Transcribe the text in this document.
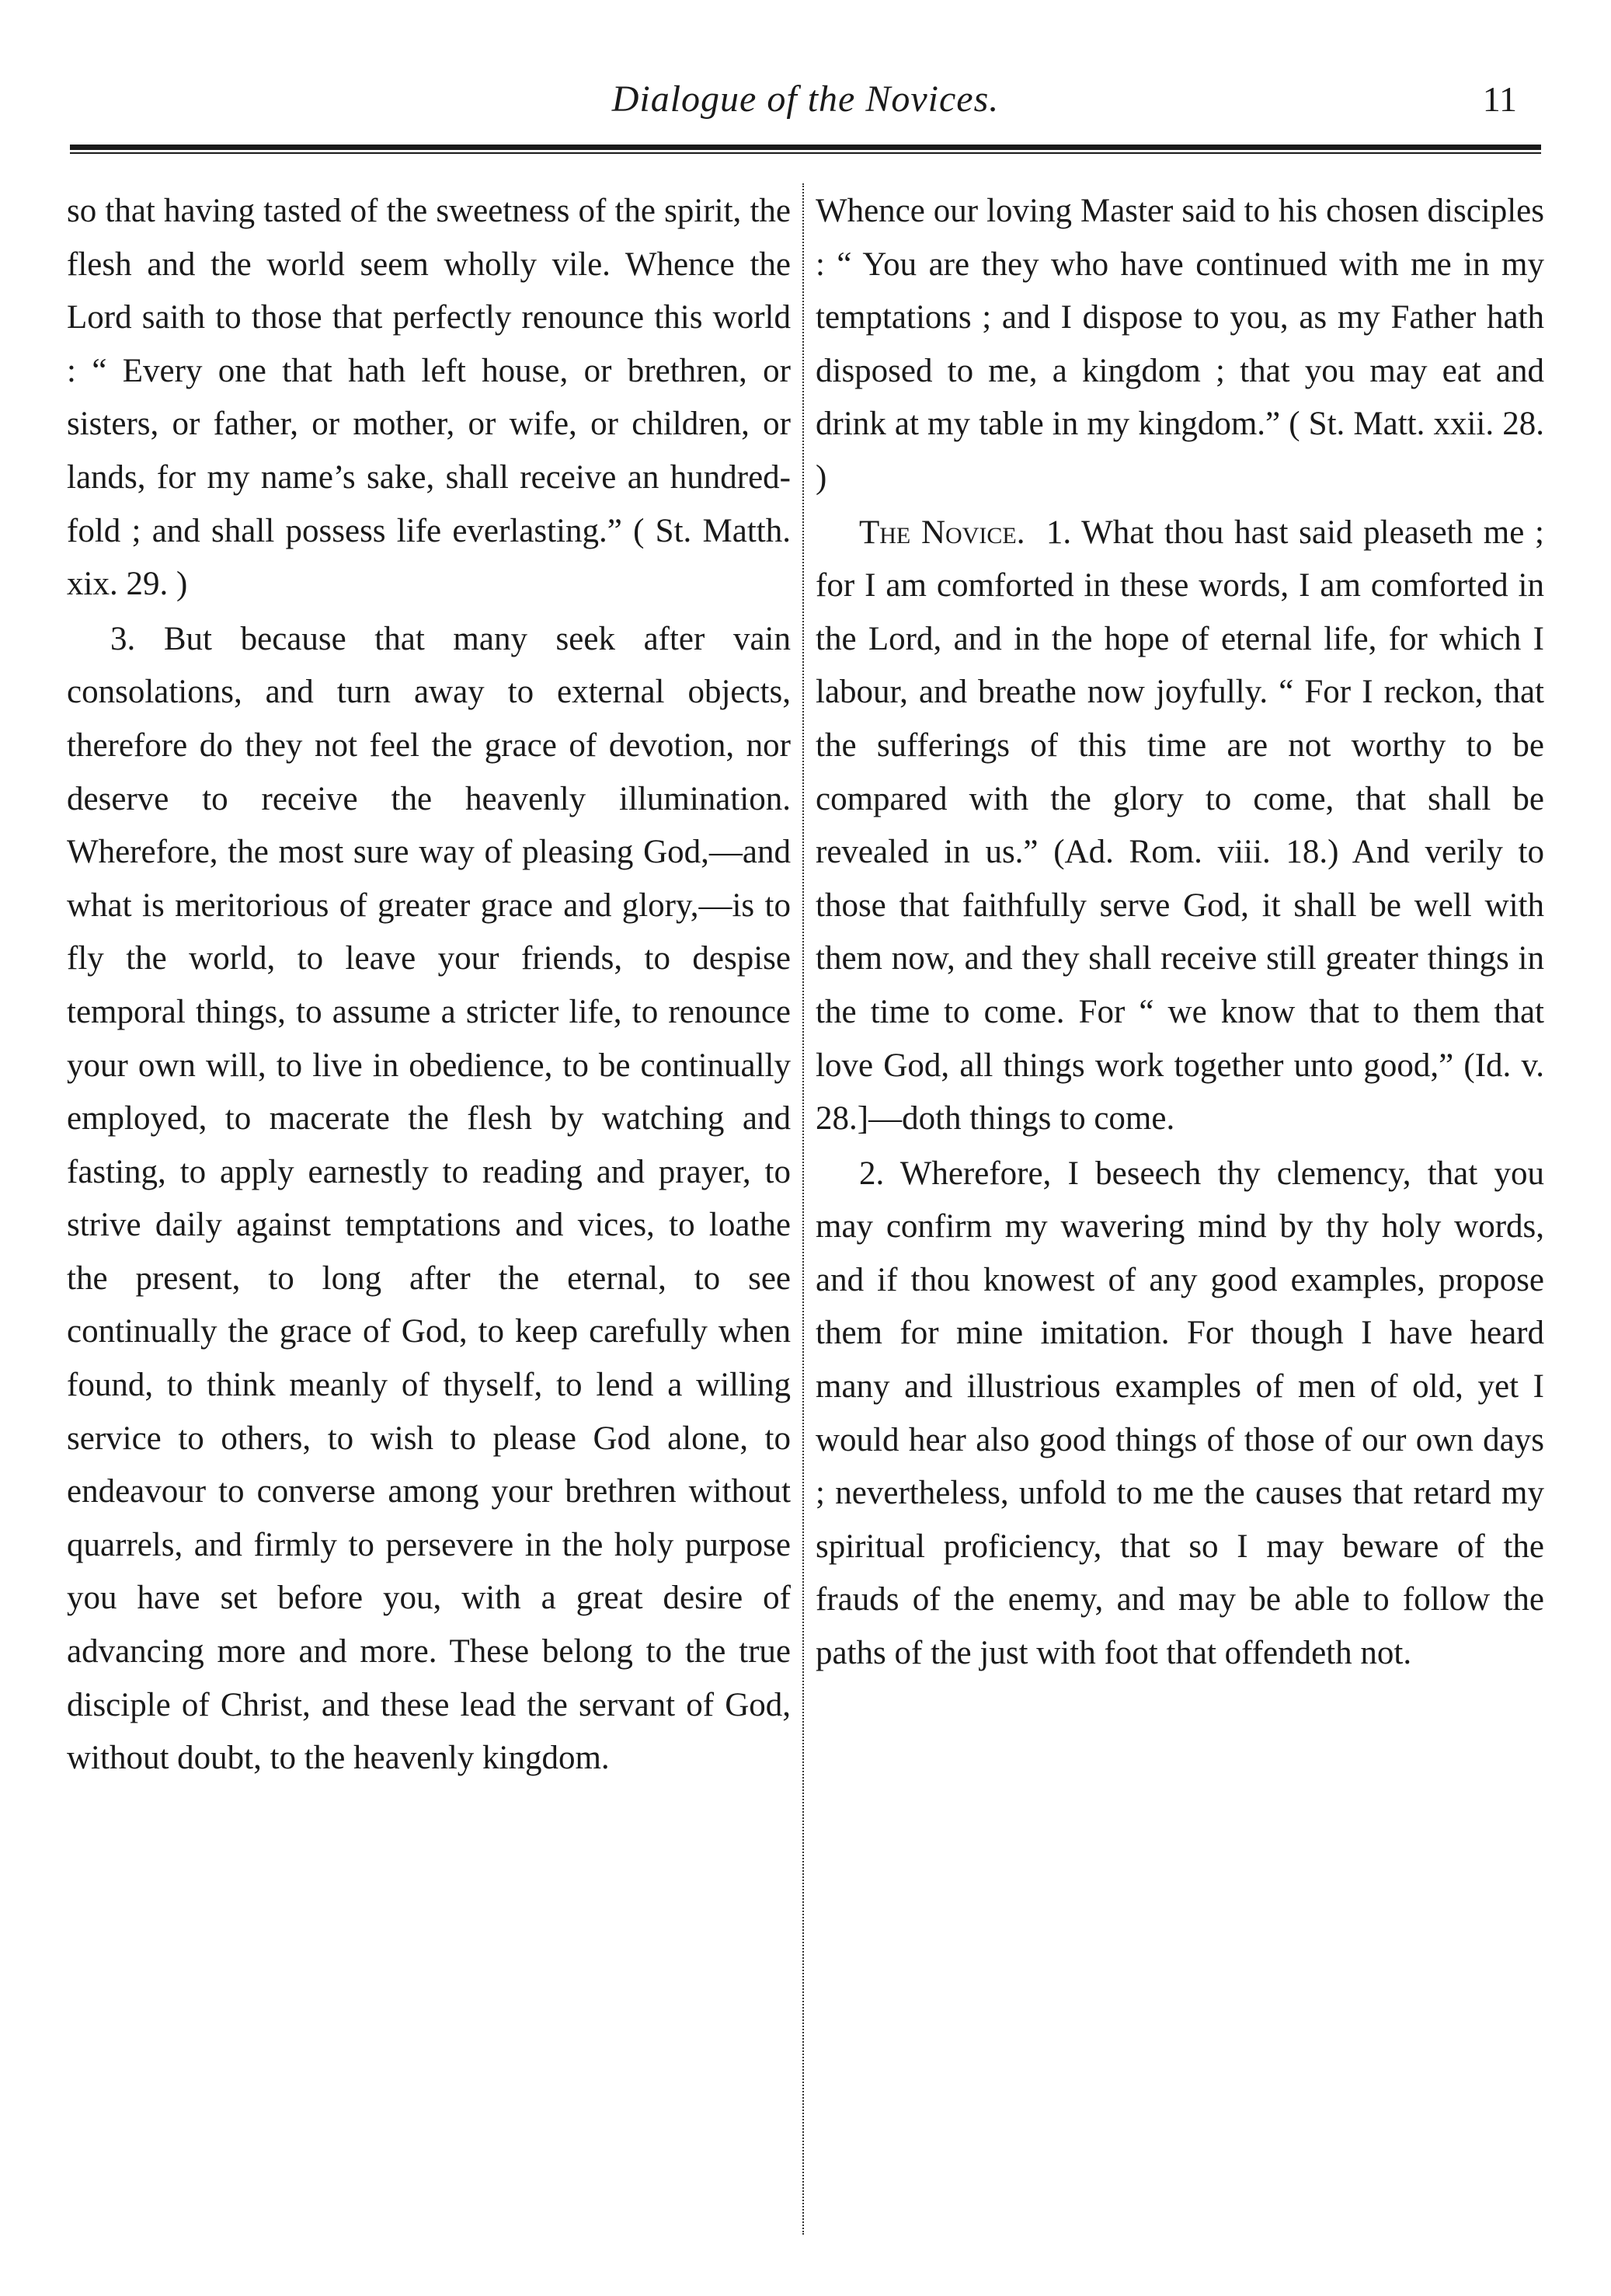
Dialogue of the Novices.	11

so that having tasted of the sweetness of the spirit, the flesh and the world seem wholly vile. Whence the Lord saith to those that perfectly renounce this world : “ Every one that hath left house, or brethren, or sisters, or father, or mother, or wife, or children, or lands, for my name’s sake, shall receive an hundred-fold ; and shall possess life everlasting.” ( St. Matth. xix. 29. )

3. But because that many seek after vain consolations, and turn away to external objects, therefore do they not feel the grace of devotion, nor deserve to receive the heavenly illumination. Wherefore, the most sure way of pleasing God,—and what is meritorious of greater grace and glory,—is to fly the world, to leave your friends, to despise temporal things, to assume a stricter life, to renounce your own will, to live in obedience, to be continually employed, to macerate the flesh by watching and fasting, to apply earnestly to reading and prayer, to strive daily against temptations and vices, to loathe the present, to long after the eternal, to see continually the grace of God, to keep carefully when found, to think meanly of thyself, to lend a willing service to others, to wish to please God alone, to endeavour to converse among your brethren without quarrels, and firmly to persevere in the holy purpose you have set before you, with a great desire of advancing more and more. These belong to the true disciple of Christ, and these lead the servant of God, without doubt, to the heavenly kingdom.

Whence our loving Master said to his chosen disciples : “ You are they who have continued with me in my temptations ; and I dispose to you, as my Father hath disposed to me, a kingdom ; that you may eat and drink at my table in my kingdom.” ( St. Matt. xxii. 28. )

The Novice. 1. What thou hast said pleaseth me ; for I am comforted in these words, I am comforted in the Lord, and in the hope of eternal life, for which I labour, and breathe now joyfully. “ For I reckon, that the sufferings of this time are not worthy to be compared with the glory to come, that shall be revealed in us.” (Ad. Rom. viii. 18.) And verily to those that faithfully serve God, it shall be well with them now, and they shall receive still greater things in the time to come. For “ we know that to them that love God, all things work together unto good,” (Id. v. 28.]—doth things to come.

2. Wherefore, I beseech thy clemency, that you may confirm my wavering mind by thy holy words, and if thou knowest of any good examples, propose them for mine imitation. For though I have heard many and illustrious examples of men of old, yet I would hear also good things of those of our own days ; nevertheless, unfold to me the causes that retard my spiritual proficiency, that so I may beware of the frauds of the enemy, and may be able to follow the paths of the just with foot that offendeth not.
